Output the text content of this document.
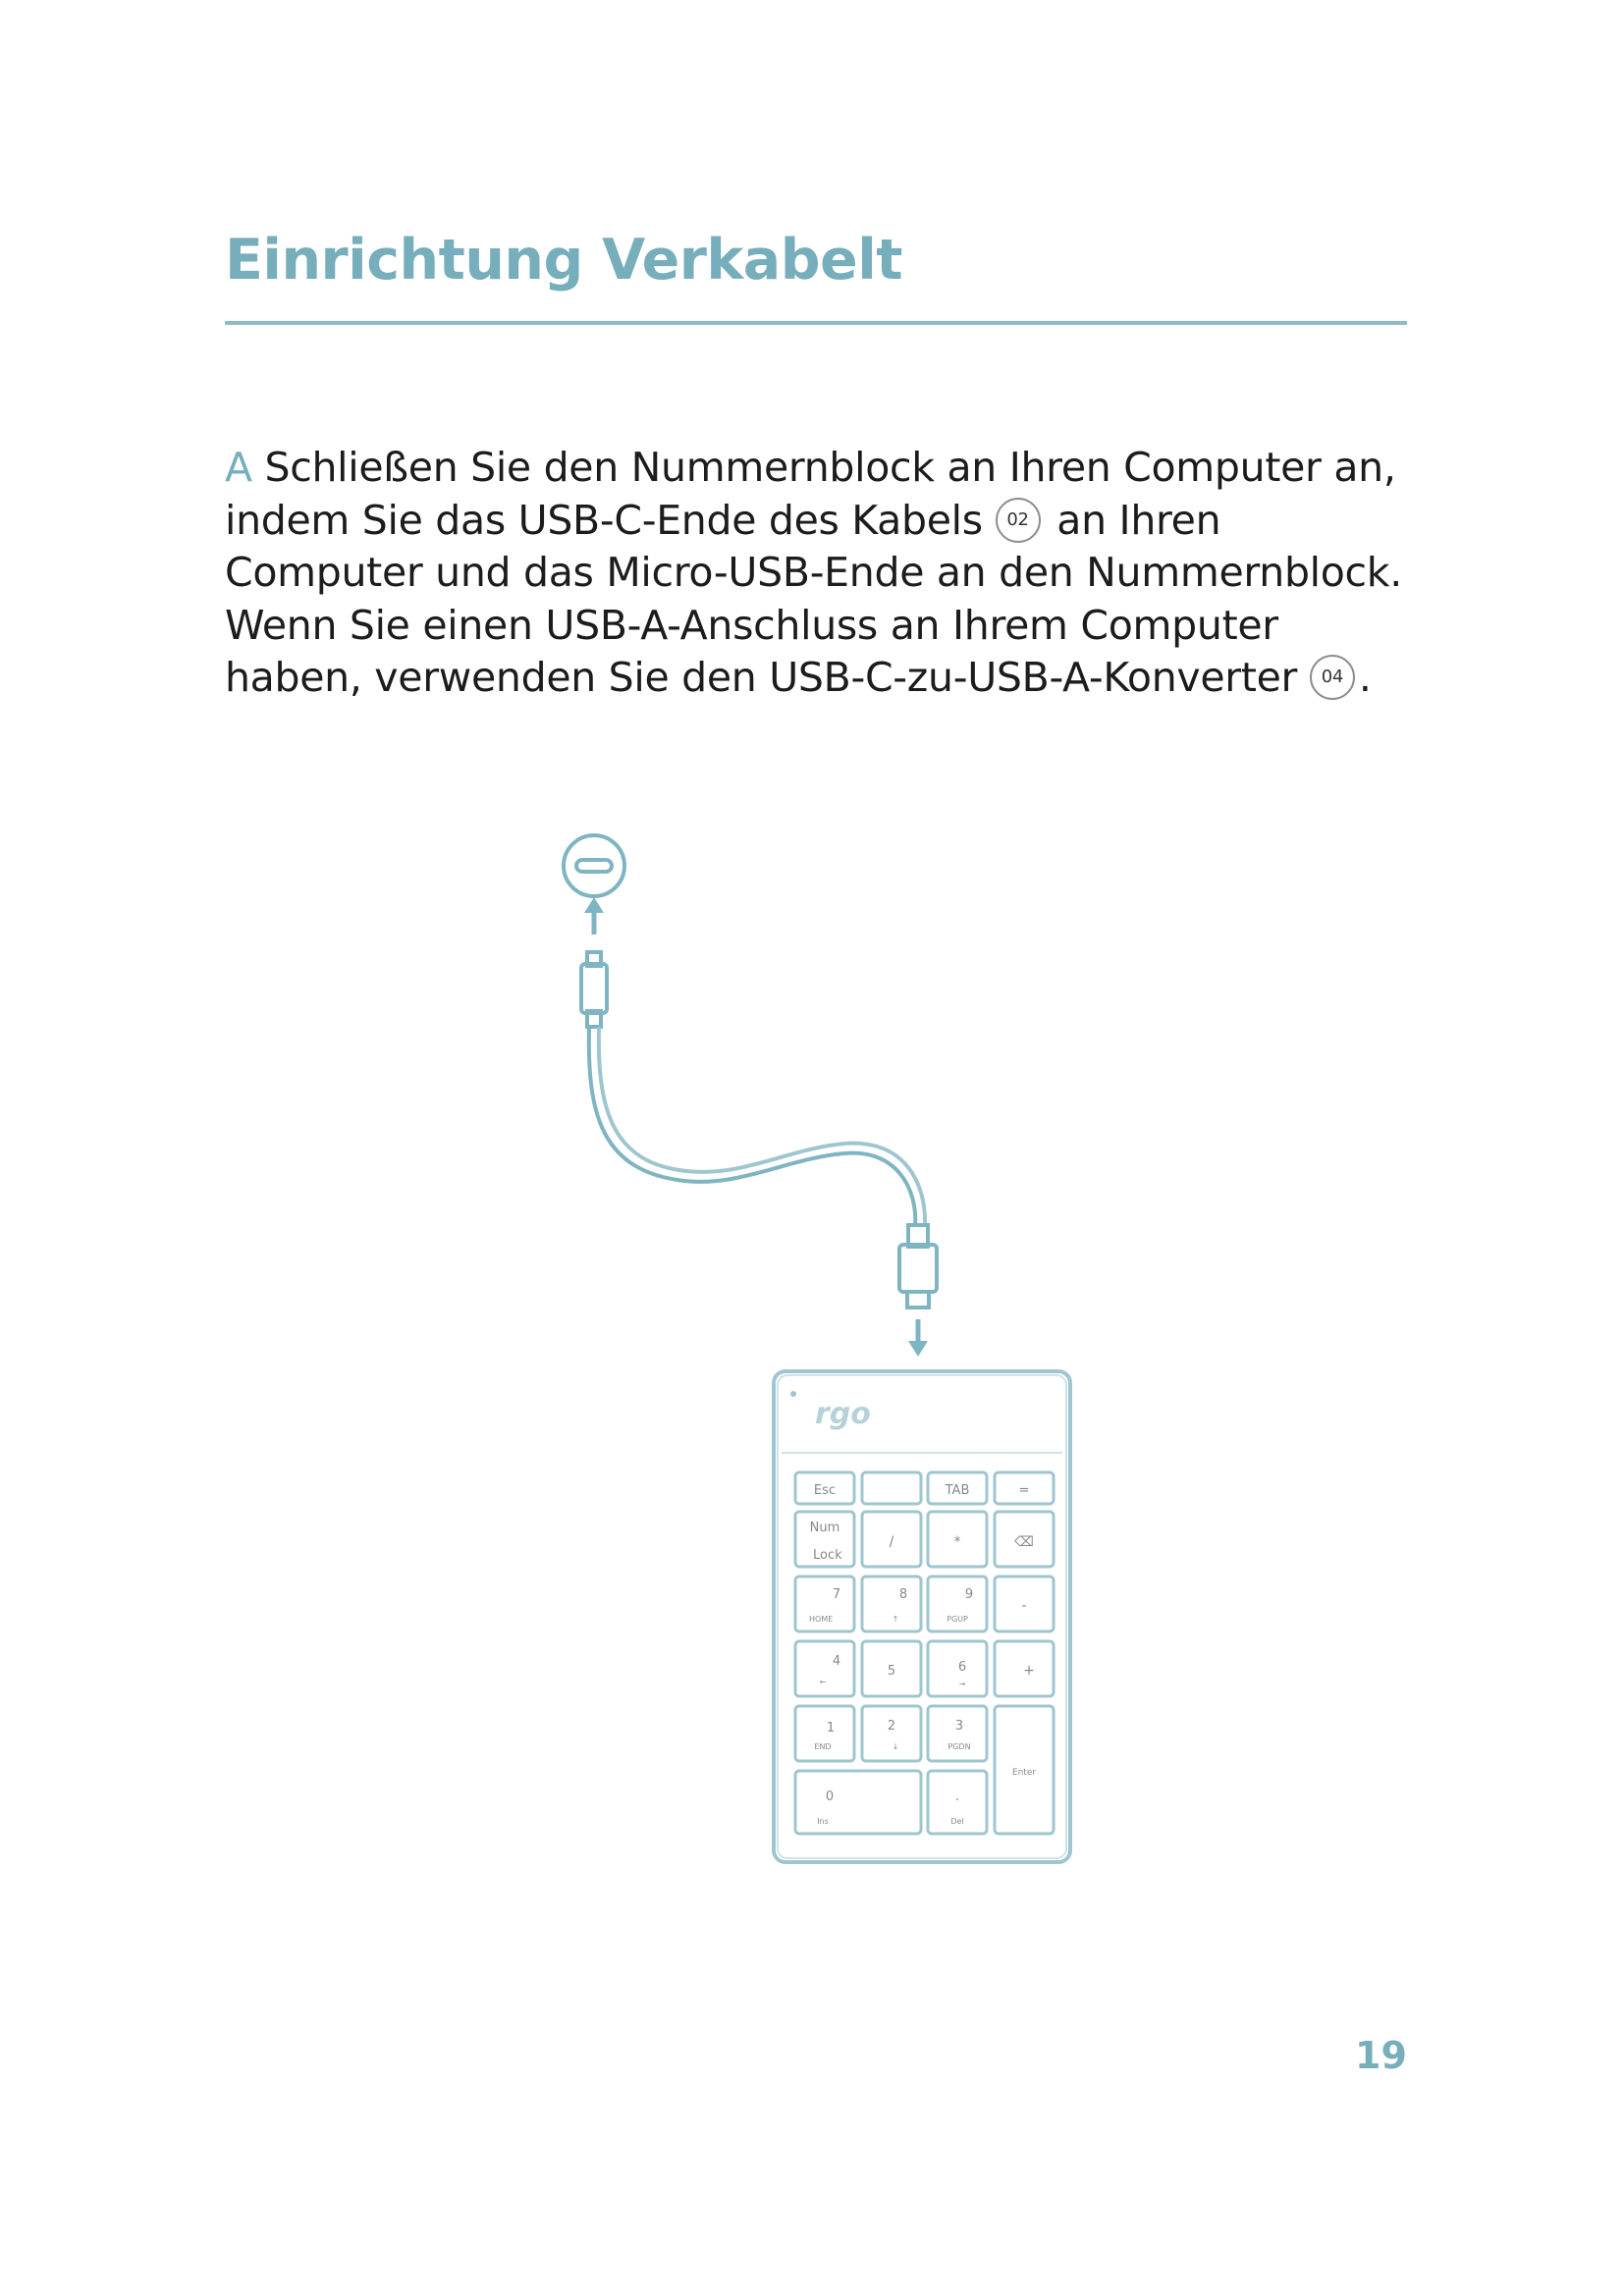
Einrichtung Verkabelt

A Schließen Sie den Nummernblock an Ihren Computer an, indem Sie das USB-C-Ende des Kabels 02 an Ihren Computer und das Micro-USB-Ende an den Nummernblock. Wenn Sie einen USB-A-Anschluss an Ihrem Computer haben, verwenden Sie den USB-C-zu-USB-A-Konverter 04 .

rgo
Esc	TAB	=
Num
Lock
/	*	⌫
7
HOME
8
↑
9
PGUP
-
4
←
5	6
→
+
1
END
2
↓
3
PGDN
Enter
0
Ins
.
Del

19
